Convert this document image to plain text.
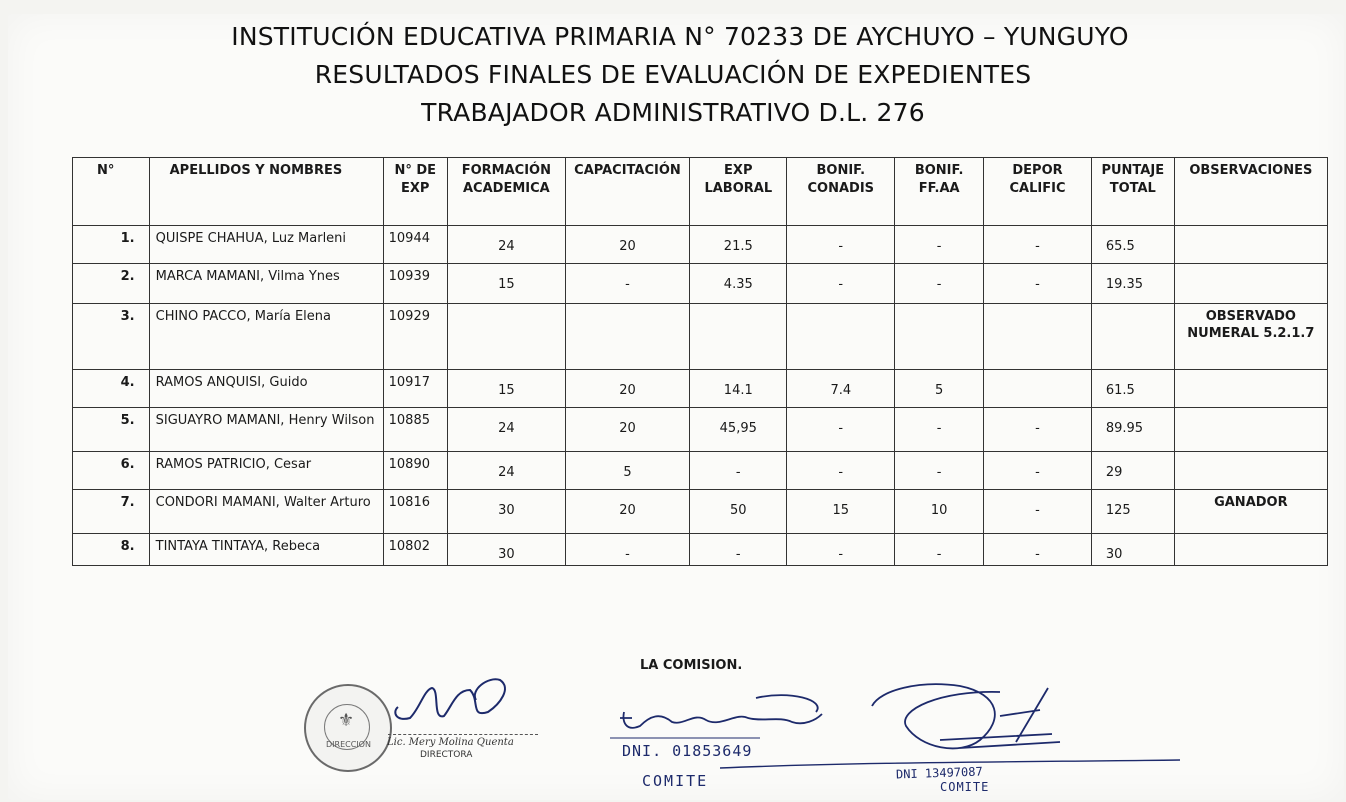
INSTITUCIÓN EDUCATIVA PRIMARIA N° 70233 DE AYCHUYO – YUNGUYO
RESULTADOS FINALES DE EVALUACIÓN DE EXPEDIENTES
TRABAJADOR ADMINISTRATIVO D.L. 276
N°	APELLIDOS Y NOMBRES	N° DE EXP	FORMACIÓN ACADEMICA	CAPACITACIÓN	EXP LABORAL	BONIF. CONADIS	BONIF. FF.AA	DEPOR CALIFIC	PUNTAJE TOTAL	OBSERVACIONES
1.	QUISPE CHAHUA, Luz Marleni	10944	24	20	21.5	-	-	-	65.5	
2.	MARCA MAMANI, Vilma Ynes	10939	15	-	4.35	-	-	-	19.35	
3.	CHINO PACCO, María Elena	10929								OBSERVADO NUMERAL 5.2.1.7
4.	RAMOS ANQUISI, Guido	10917	15	20	14.1	7.4	5		61.5	
5.	SIGUAYRO MAMANI, Henry Wilson	10885	24	20	45,95	-	-	-	89.95	
6.	RAMOS PATRICIO, Cesar	10890	24	5	-	-	-	-	29	
7.	CONDORI MAMANI, Walter Arturo	10816	30	20	50	15	10	-	125	GANADOR
8.	TINTAYA TINTAYA, Rebeca	10802	30	-	-	-	-	-	30	
LA COMISION.
⚜
DIRECCION Lic. Mery Molina Quenta
DIRECTORA	DNI. 01853649
COMITE	DNI 13497087
COMITE
